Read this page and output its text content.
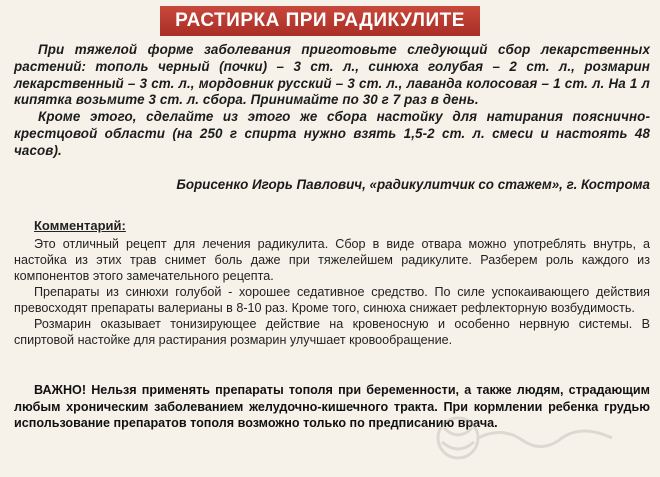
РАСТИРКА ПРИ РАДИКУЛИТЕ

При тяжелой форме заболевания приготовьте следующий сбор лекарственных растений: тополь черный (почки) – 3 ст. л., синюха голубая – 2 ст. л., розмарин лекарственный – 3 ст. л., мордовник русский – 3 ст. л., лаванда колосовая – 1 ст. л. На 1 л кипятка возьмите 3 ст. л. сбора. Принимайте по 30 г 7 раз в день.

Кроме этого, сделайте из этого же сбора настойку для натирания пояснично-крестцовой области (на 250 г спирта нужно взять 1,5-2 ст. л. смеси и настоять 48 часов).

Борисенко Игорь Павлович, «радикулитчик со стажем», г. Кострома
Комментарий:

Это отличный рецепт для лечения радикулита. Сбор в виде отвара можно употреблять внутрь, а настойка из этих трав снимет боль даже при тяжелейшем радикулите. Разберем роль каждого из компонентов этого замечательного рецепта.

Препараты из синюхи голубой - хорошее седативное средство. По силе успокаивающего действия превосходят препараты валерианы в 8-10 раз. Кроме того, синюха снижает рефлекторную возбудимость.

Розмарин оказывает тонизирующее действие на кровеносную и особенно нервную системы. В спиртовой настойке для растирания розмарин улучшает кровообращение.

ВАЖНО! Нельзя применять препараты тополя при беременности, а также людям, страдающим любым хроническим заболеванием желудочно-кишечного тракта. При кормлении ребенка грудью использование препаратов тополя возможно только по предписанию врача.
